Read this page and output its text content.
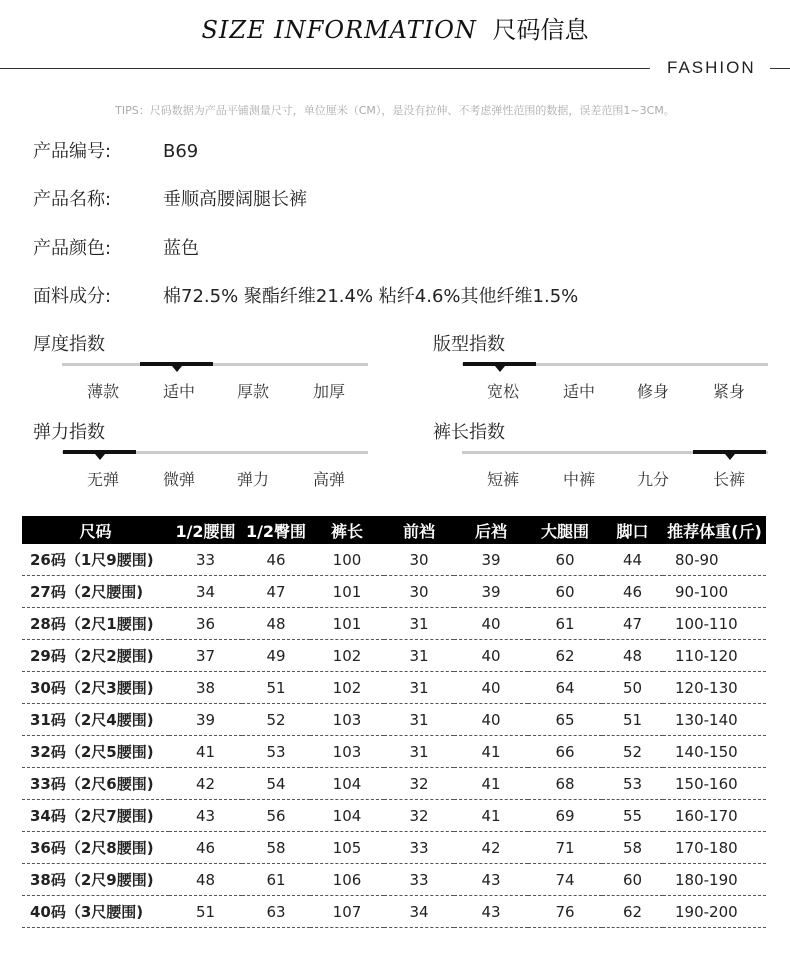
SIZE INFORMATION 尺码信息
FASHION
TIPS：尺码数据为产品平铺测量尺寸，单位厘米（CM），是没有拉伸、不考虑弹性范围的数据，误差范围1~3CM。
产品编号:	B69
产品名称:	垂顺高腰阔腿长裤
产品颜色:	蓝色
面料成分:	棉72.5% 聚酯纤维21.4% 粘纤4.6%其他纤维1.5%
厚度指数
薄款	适中	厚款	加厚
版型指数
宽松	适中	修身	紧身
弹力指数
无弹	微弹	弹力	高弹
裤长指数
短裤	中裤	九分	长裤
尺码	1/2腰围	1/2臀围	裤长	前裆	后裆	大腿围	脚口	推荐体重(斤)
26码（1尺9腰围)	33	46	100	30	39	60	44	80-90
27码（2尺腰围)	34	47	101	30	39	60	46	90-100
28码（2尺1腰围)	36	48	101	31	40	61	47	100-110
29码（2尺2腰围)	37	49	102	31	40	62	48	110-120
30码（2尺3腰围)	38	51	102	31	40	64	50	120-130
31码（2尺4腰围)	39	52	103	31	40	65	51	130-140
32码（2尺5腰围)	41	53	103	31	41	66	52	140-150
33码（2尺6腰围)	42	54	104	32	41	68	53	150-160
34码（2尺7腰围)	43	56	104	32	41	69	55	160-170
36码（2尺8腰围)	46	58	105	33	42	71	58	170-180
38码（2尺9腰围)	48	61	106	33	43	74	60	180-190
40码（3尺腰围)	51	63	107	34	43	76	62	190-200
